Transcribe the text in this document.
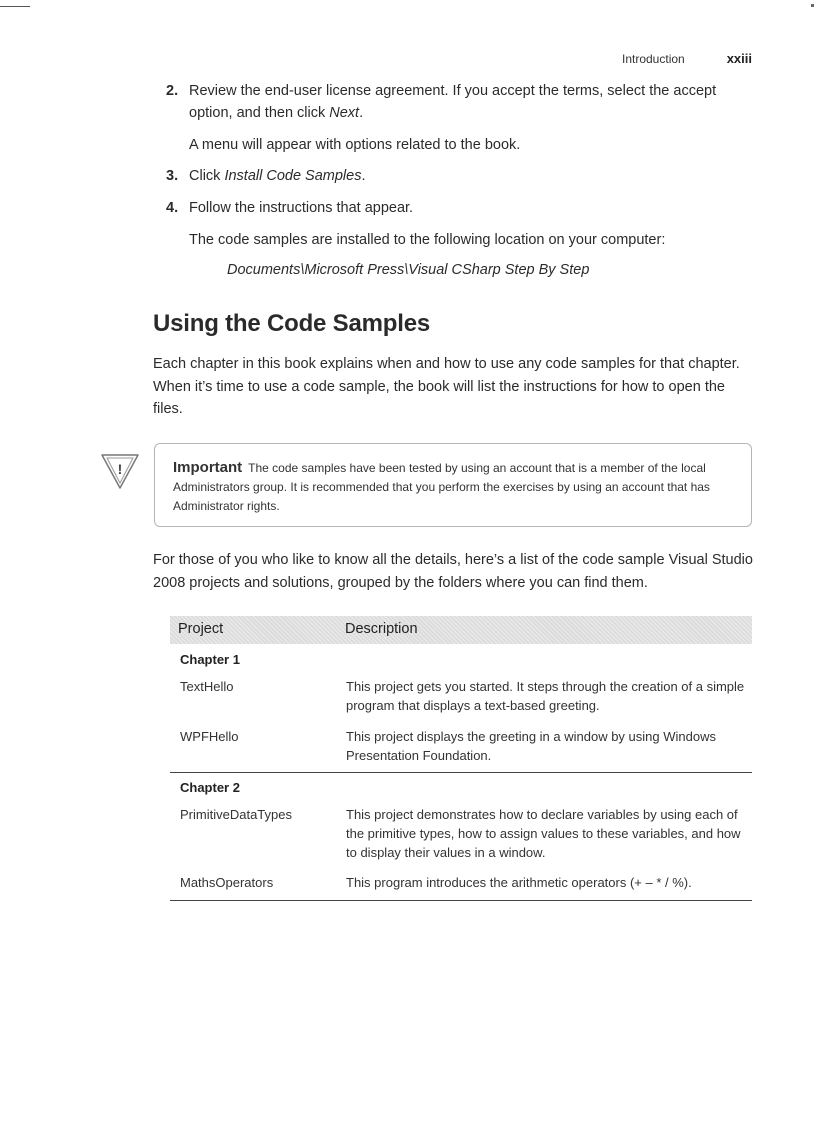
Introduction	xxiii
2. Review the end-user license agreement. If you accept the terms, select the accept option, and then click Next.
A menu will appear with options related to the book.
3. Click Install Code Samples.
4. Follow the instructions that appear.
The code samples are installed to the following location on your computer:
Documents\Microsoft Press\Visual CSharp Step By Step
Using the Code Samples
Each chapter in this book explains when and how to use any code samples for that chapter. When it’s time to use a code sample, the book will list the instructions for how to open the files.
!	Important The code samples have been tested by using an account that is a member of the local Administrators group. It is recommended that you perform the exercises by using an account that has Administrator rights.
For those of you who like to know all the details, here’s a list of the code sample Visual Studio 2008 projects and solutions, grouped by the folders where you can find them.
Project	Description
Chapter 1
TextHello	This project gets you started. It steps through the creation of a simple program that displays a text-based greeting.
WPFHello	This project displays the greeting in a window by using Windows Presentation Foundation.
Chapter 2
PrimitiveDataTypes	This project demonstrates how to declare variables by using each of the primitive types, how to assign values to these variables, and how to display their values in a window.
MathsOperators	This program introduces the arithmetic operators (+ – * / %).
